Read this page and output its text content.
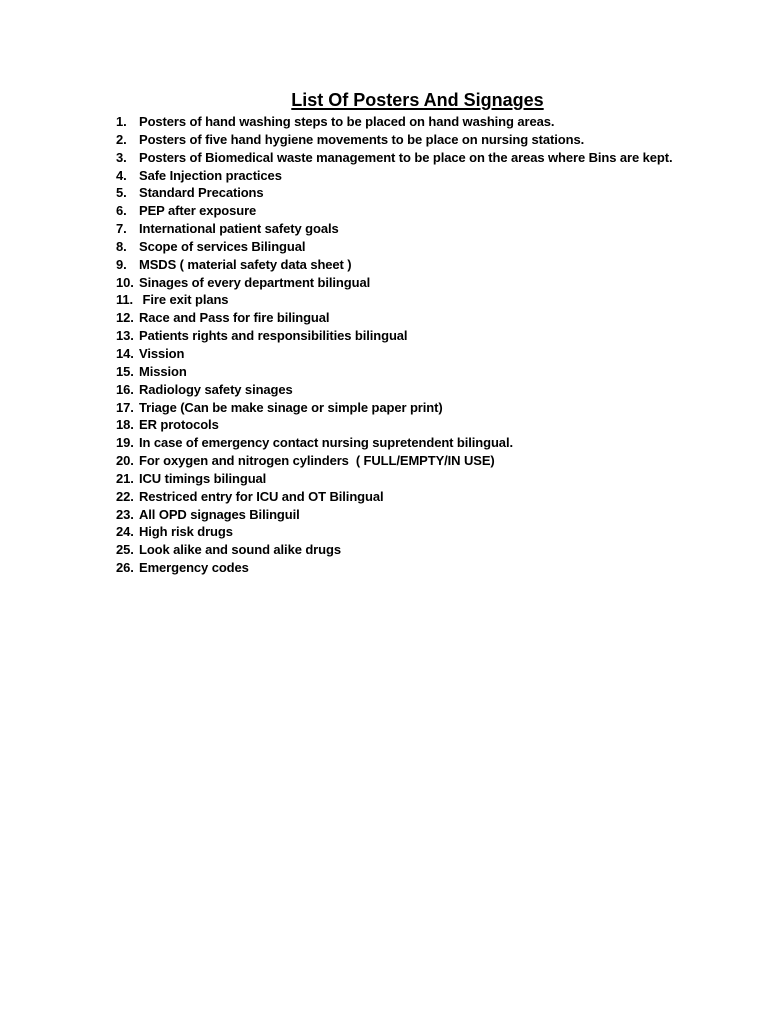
List Of Posters And Signages
1. Posters of hand washing steps to be placed on hand washing areas.
2. Posters of five hand hygiene movements to be place on nursing stations.
3. Posters of Biomedical waste management to be place on the areas where Bins are kept.
4. Safe Injection practices
5. Standard Precations
6. PEP after exposure
7. International patient safety goals
8. Scope of services Bilingual
9. MSDS ( material safety data sheet )
10. Sinages of every department bilingual
11. Fire exit plans
12. Race and Pass for fire bilingual
13. Patients rights and responsibilities bilingual
14. Vission
15. Mission
16. Radiology safety sinages
17. Triage (Can be make sinage or simple paper print)
18. ER protocols
19. In case of emergency contact nursing supretendent bilingual.
20. For oxygen and nitrogen cylinders  ( FULL/EMPTY/IN USE)
21. ICU timings bilingual
22. Restriced entry for ICU and OT Bilingual
23. All OPD signages Bilinguil
24. High risk drugs
25. Look alike and sound alike drugs
26. Emergency codes
